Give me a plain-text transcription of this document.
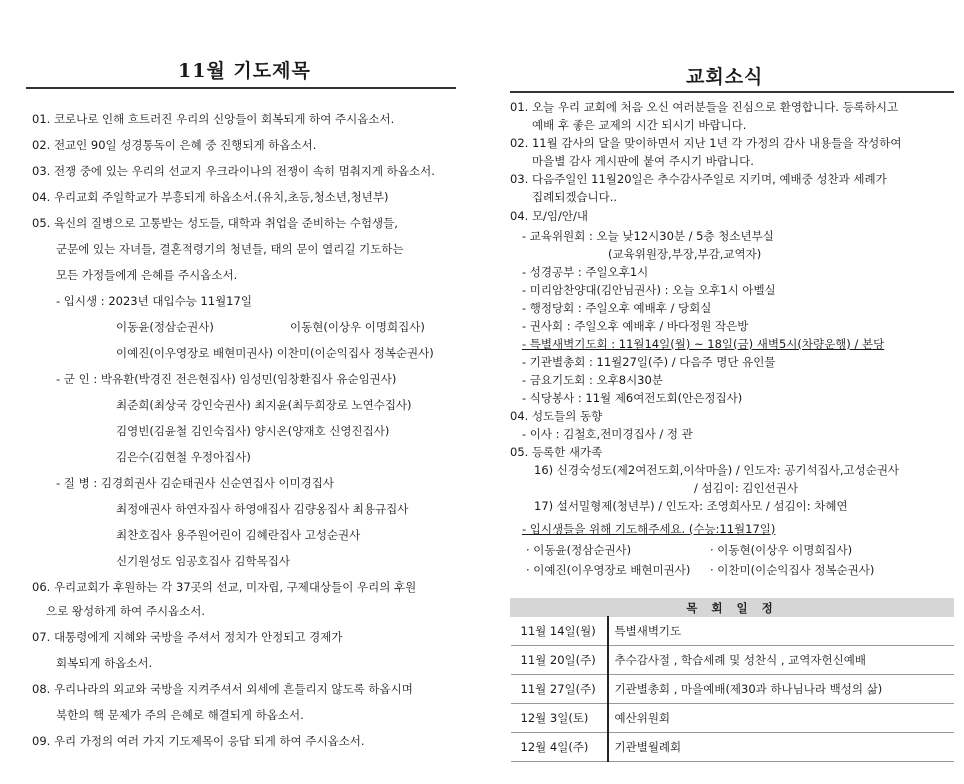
11월 기도제목
01. 코로나로 인해 흐트러진 우리의 신앙들이 회복되게 하여 주시옵소서.
02. 전교인 90일 성경통독이 은혜 중 진행되게 하옵소서.
03. 전쟁 중에 있는 우리의 선교지 우크라이나의 전쟁이 속히 멈춰지게 하옵소서.
04. 우리교회 주일학교가 부흥되게 하옵소서.(유치,초등,청소년,청년부)
05. 육신의 질병으로 고통받는 성도들, 대학과 취업을 준비하는 수험생들,
군문에 있는 자녀들, 결혼적령기의 청년들, 태의 문이 열리길 기도하는
모든 가정들에게 은혜를 주시옵소서.
- 입시생 : 2023년 대입수능 11월17일
이동윤(정삼순권사)	이동현(이상우 이명희집사)
이예진(이우영장로 배현미권사) 이찬미(이순익집사 정복순권사)
- 군 인 : 박유환(박경진 전은현집사) 임성민(임창환집사 유순임권사)
최준희(최상국 강인숙권사) 최지윤(최두희장로 노연수집사)
김영빈(김윤철 김인숙집사) 양시온(양재호 신영진집사)
김은수(김현철 우정아집사)
- 질 병 : 김경희권사 김순태권사 신순연집사 이미경집사
최정애권사 하연자집사 하영애집사 김량옹집사 최용규집사
최찬호집사 용주원어린이 김혜란집사 고성순권사
신기원성도 임공호집사 김학목집사
06. 우리교회가 후원하는 각 37곳의 선교, 미자립, 구제대상들이 우리의 후원
으로 왕성하게 하여 주시옵소서.
07. 대통령에게 지혜와 국방을 주셔서 정치가 안정되고 경제가
회복되게 하옵소서.
08. 우리나라의 외교와 국방을 지켜주셔서 외세에 흔들리지 않도록 하옵시며
북한의 핵 문제가 주의 은혜로 해결되게 하옵소서.
09. 우리 가정의 여러 가지 기도제목이 응답 되게 하여 주시옵소서.
교회소식
01. 오늘 우리 교회에 처음 오신 여러분들을 진심으로 환영합니다. 등록하시고
예배 후 좋은 교제의 시간 되시기 바랍니다.
02. 11월 감사의 달을 맞이하면서 지난 1년 각 가정의 감사 내용들을 작성하여
마을별 감사 게시판에 붙여 주시기 바랍니다.
03. 다음주일인 11월20일은 추수감사주일로 지키며, 예배중 성찬과 세례가
집례되겠습니다..
04. 모/임/안/내
- 교육위원회 : 오늘 낮12시30분 / 5층 청소년부실
(교육위원장,부장,부감,교역자)
- 성경공부 : 주일오후1시
- 미리암찬양대(김안님권사) : 오늘 오후1시 아벨실
- 행정당회 : 주일오후 예배후 / 당회실
- 권사회 : 주일오후 예배후 / 바다정원 작은방
- 특별새벽기도회 : 11월14일(월) ~ 18일(금) 새벽5시(차량운행) / 본당
- 기관별총회 : 11월27일(주) / 다음주 명단 유인물
- 금요기도회 : 오후8시30분
- 식당봉사 : 11월 제6여전도회(안은정집사)
04. 성도들의 동향
- 이사 : 김철호,전미경집사 / 정 관
05. 등록한 새가족
16) 신경숙성도(제2여전도회,이삭마을) / 인도자: 공기석집사,고성순권사
/ 섬김이: 김인선권사
17) 설서밀형제(청년부) / 인도자: 조영희사모 / 섬김이: 차혜연
- 입시생들을 위해 기도해주세요. (수능:11월17일)
· 이동윤(정삼순권사)	· 이동현(이상우 이명희집사)
· 이예진(이우영장로 배현미권사) · 이찬미(이순익집사 정복순권사)
목 회 일 정	
11월 14일(월)	특별새벽기도
11월 20일(주)	추수감사절 , 학습세례 및 성찬식 , 교역자헌신예배
11월 27일(주)	기관별총회 , 마을예배(제30과 하나님나라 백성의 삶)
12월 3일(토)	예산위원회
12월 4일(주)	기관별월례회
